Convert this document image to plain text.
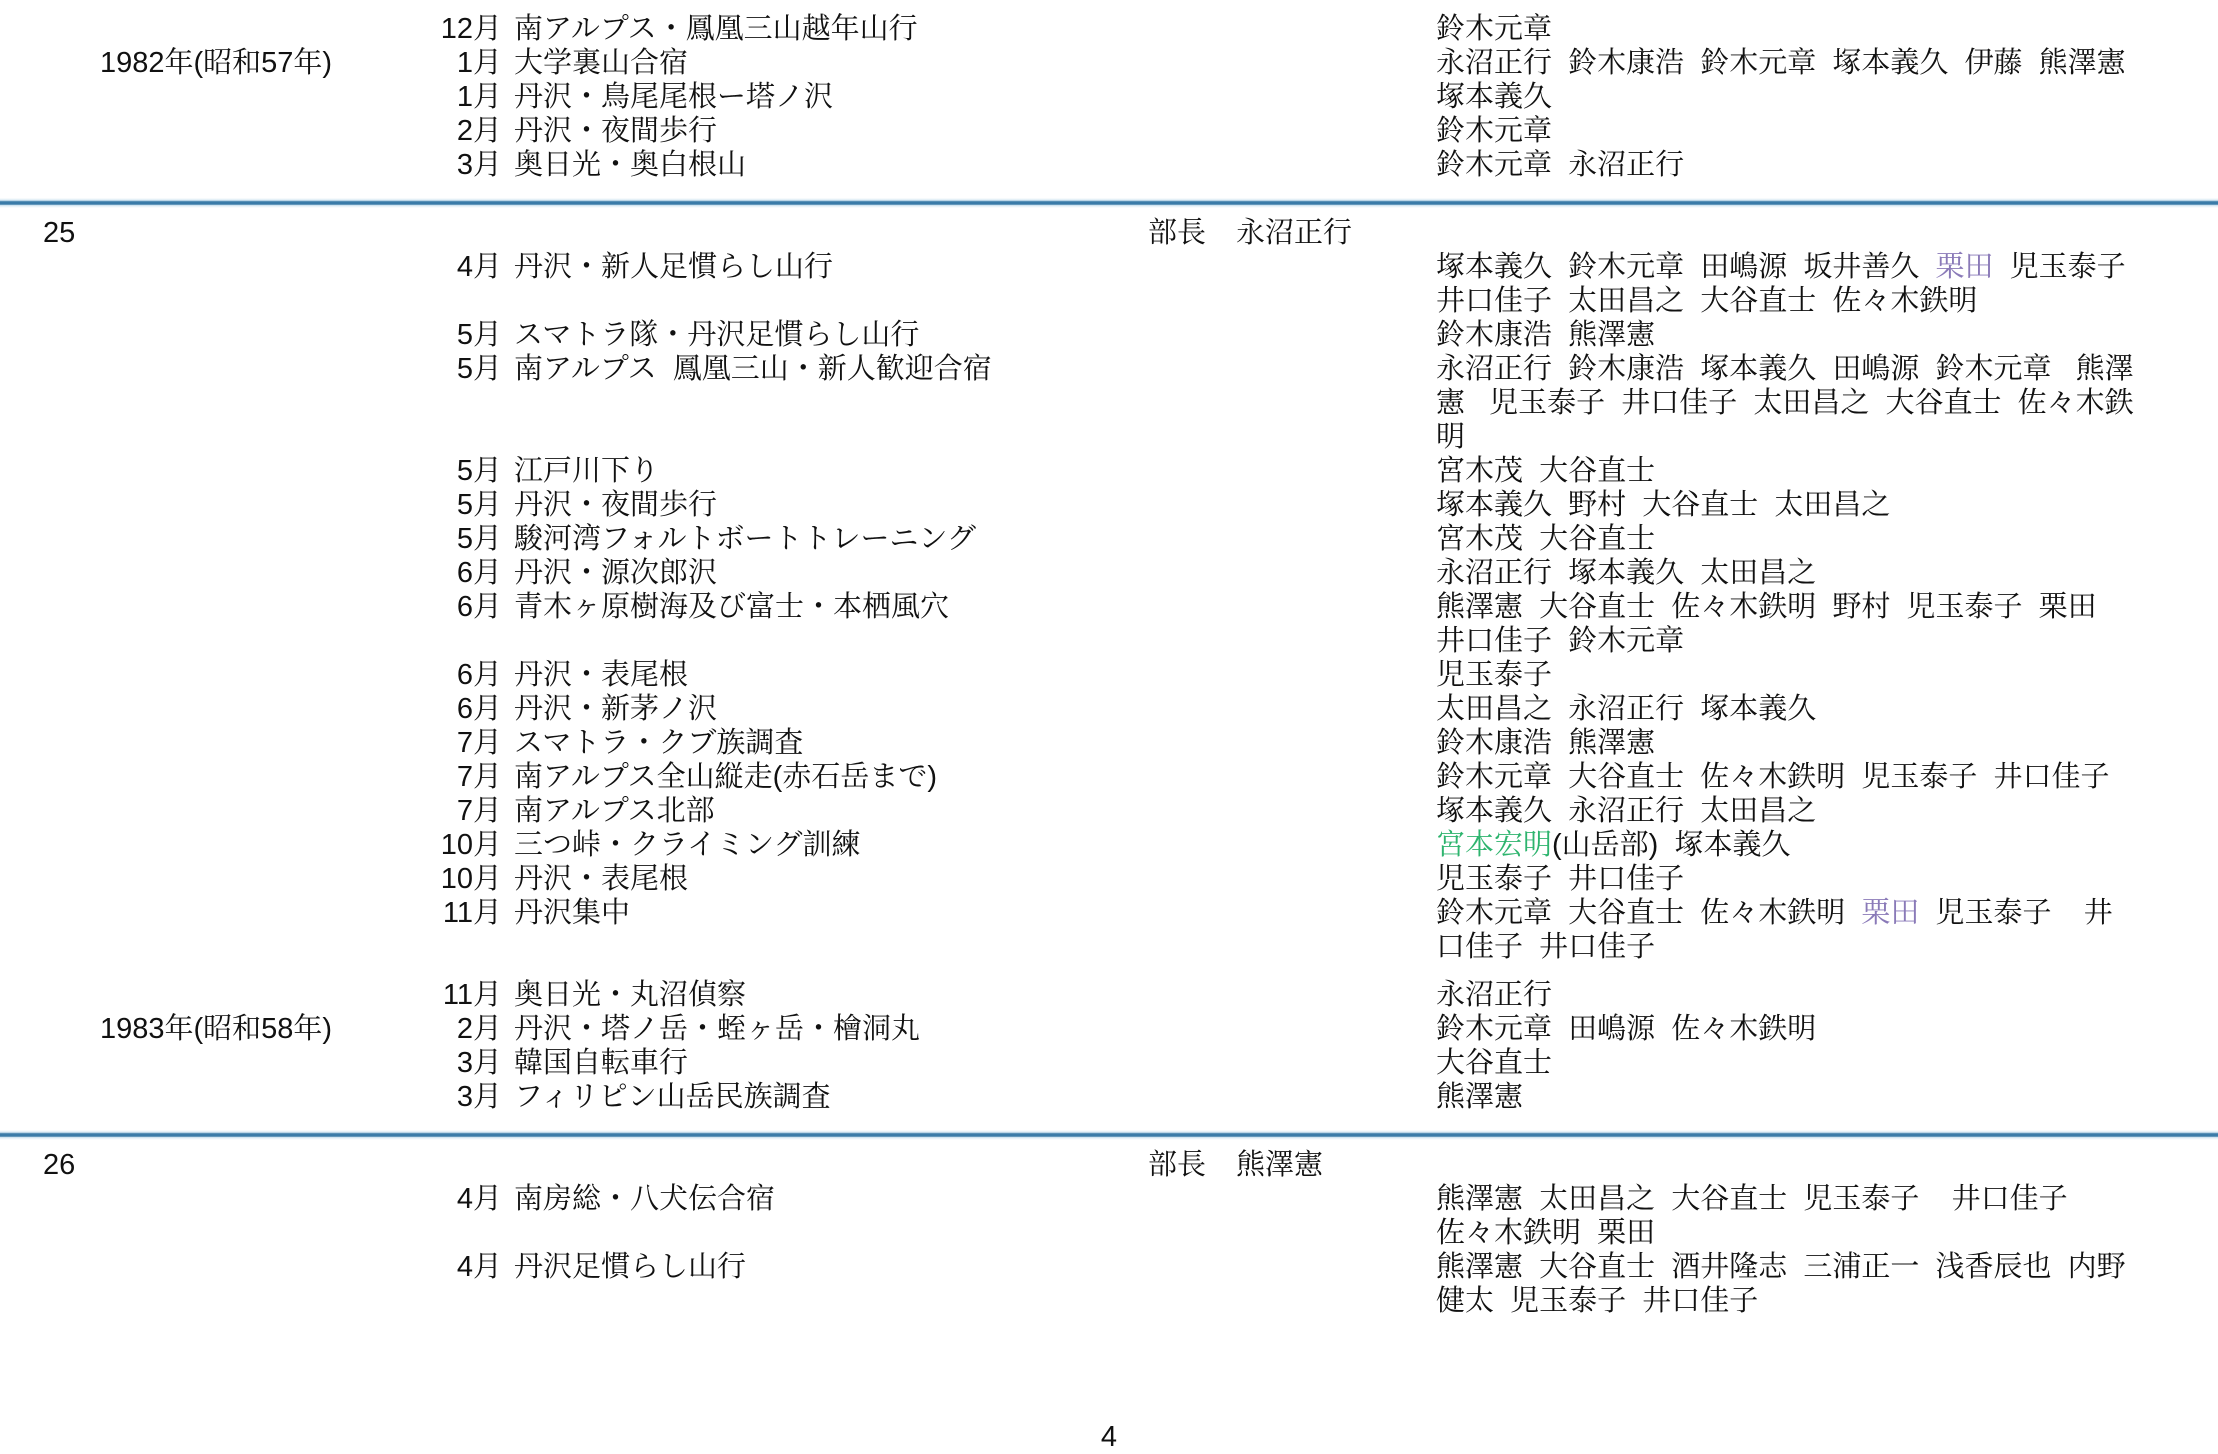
12月 南アルプス・鳳凰三山越年山行	鈴木元章
1982年(昭和57年)	1月 大学裏山合宿	永沼正行  鈴木康浩  鈴木元章  塚本義久  伊藤  熊澤憲
1月 丹沢・鳥尾尾根ー塔ノ沢	塚本義久
2月 丹沢・夜間歩行	鈴木元章
3月 奥日光・奥白根山	鈴木元章  永沼正行
25	部長 永沼正行
4月 丹沢・新人足慣らし山行	塚本義久  鈴木元章  田嶋源  坂井善久  栗田  児玉泰子
井口佳子  太田昌之  大谷直士  佐々木鉄明
5月 スマトラ隊・丹沢足慣らし山行	鈴木康浩  熊澤憲
5月 南アルプス  鳳凰三山・新人歓迎合宿	永沼正行  鈴木康浩  塚本義久  田嶋源  鈴木元章   熊澤
憲   児玉泰子  井口佳子  太田昌之  大谷直士  佐々木鉄
明
5月 江戸川下り	宮木茂  大谷直士
5月 丹沢・夜間歩行	塚本義久  野村  大谷直士  太田昌之
5月 駿河湾フォルトボートトレーニング	宮木茂  大谷直士
6月 丹沢・源次郎沢	永沼正行  塚本義久  太田昌之
6月 青木ヶ原樹海及び富士・本栖風穴	熊澤憲  大谷直士  佐々木鉄明  野村  児玉泰子  栗田
井口佳子  鈴木元章
6月 丹沢・表尾根	児玉泰子
6月 丹沢・新茅ノ沢	太田昌之  永沼正行  塚本義久
7月 スマトラ・クブ族調査	鈴木康浩  熊澤憲
7月 南アルプス全山縦走(赤石岳まで)	鈴木元章  大谷直士  佐々木鉄明  児玉泰子  井口佳子
7月 南アルプス北部	塚本義久  永沼正行  太田昌之
10月 三つ峠・クライミング訓練	宮本宏明(山岳部)  塚本義久
10月 丹沢・表尾根	児玉泰子  井口佳子
11月 丹沢集中	鈴木元章  大谷直士  佐々木鉄明  栗田  児玉泰子    井
口佳子  井口佳子
11月 奥日光・丸沼偵察	永沼正行
1983年(昭和58年)	2月 丹沢・塔ノ岳・蛭ヶ岳・檜洞丸	鈴木元章  田嶋源  佐々木鉄明
3月 韓国自転車行	大谷直士
3月 フィリピン山岳民族調査	熊澤憲
26	部長 熊澤憲
4月 南房総・八犬伝合宿	熊澤憲  太田昌之  大谷直士  児玉泰子    井口佳子
佐々木鉄明  栗田
4月 丹沢足慣らし山行	熊澤憲  大谷直士  酒井隆志  三浦正一  浅香辰也  内野
健太  児玉泰子  井口佳子
4
